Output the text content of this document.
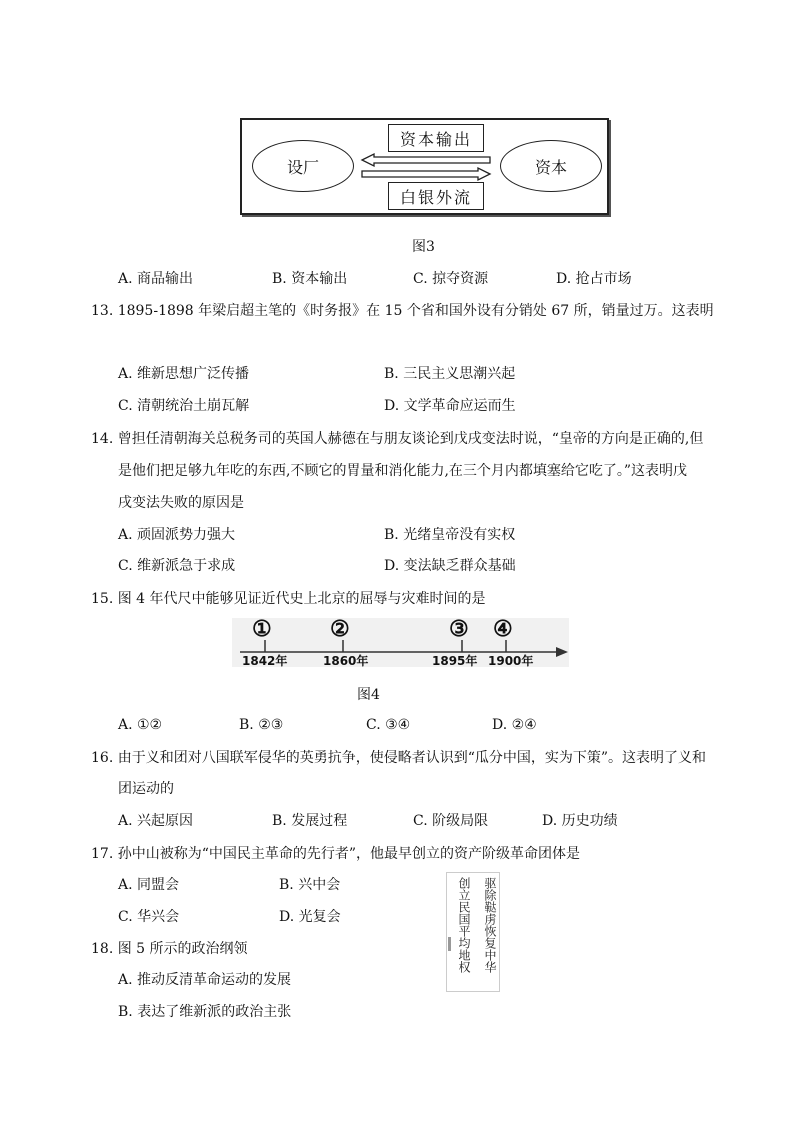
设厂	资本
资本输出
白银外流
图3
A. 商品输出	B. 资本输出	C. 掠夺资源	D. 抢占市场
13. 1895-1898 年梁启超主笔的《时务报》在 15 个省和国外设有分销处 67 所，销量过万。这表明
A. 维新思想广泛传播	B. 三民主义思潮兴起
C. 清朝统治土崩瓦解	D. 文学革命应运而生
14. 曾担任清朝海关总税务司的英国人赫德在与朋友谈论到戊戌变法时说，“皇帝的方向是正确的,但
是他们把足够九年吃的东西,不顾它的胃量和消化能力,在三个月内都填塞给它吃了。”这表明戊
戌变法失败的原因是
A. 顽固派势力强大	B. 光绪皇帝没有实权
C. 维新派急于求成	D. 变法缺乏群众基础
15. 图 4 年代尺中能够见证近代史上北京的屈辱与灾难时间的是
①	②	③ ④
1842年	1860年	1895年 1900年
图4
A. ①②	B. ②③	C. ③④	D. ②④
16. 由于义和团对八国联军侵华的英勇抗争，使侵略者认识到“瓜分中国，实为下策”。这表明了义和
团运动的
A. 兴起原因	B. 发展过程	C. 阶级局限	D. 历史功绩
17. 孙中山被称为“中国民主革命的先行者”，他最早创立的资产阶级革命团体是
A. 同盟会	B. 兴中会
C. 华兴会	D. 光复会	驱除鞑虏恢复中华
创立民国平均地权
18. 图 5 所示的政治纲领
A. 推动反清革命运动的发展
B. 表达了维新派的政治主张
